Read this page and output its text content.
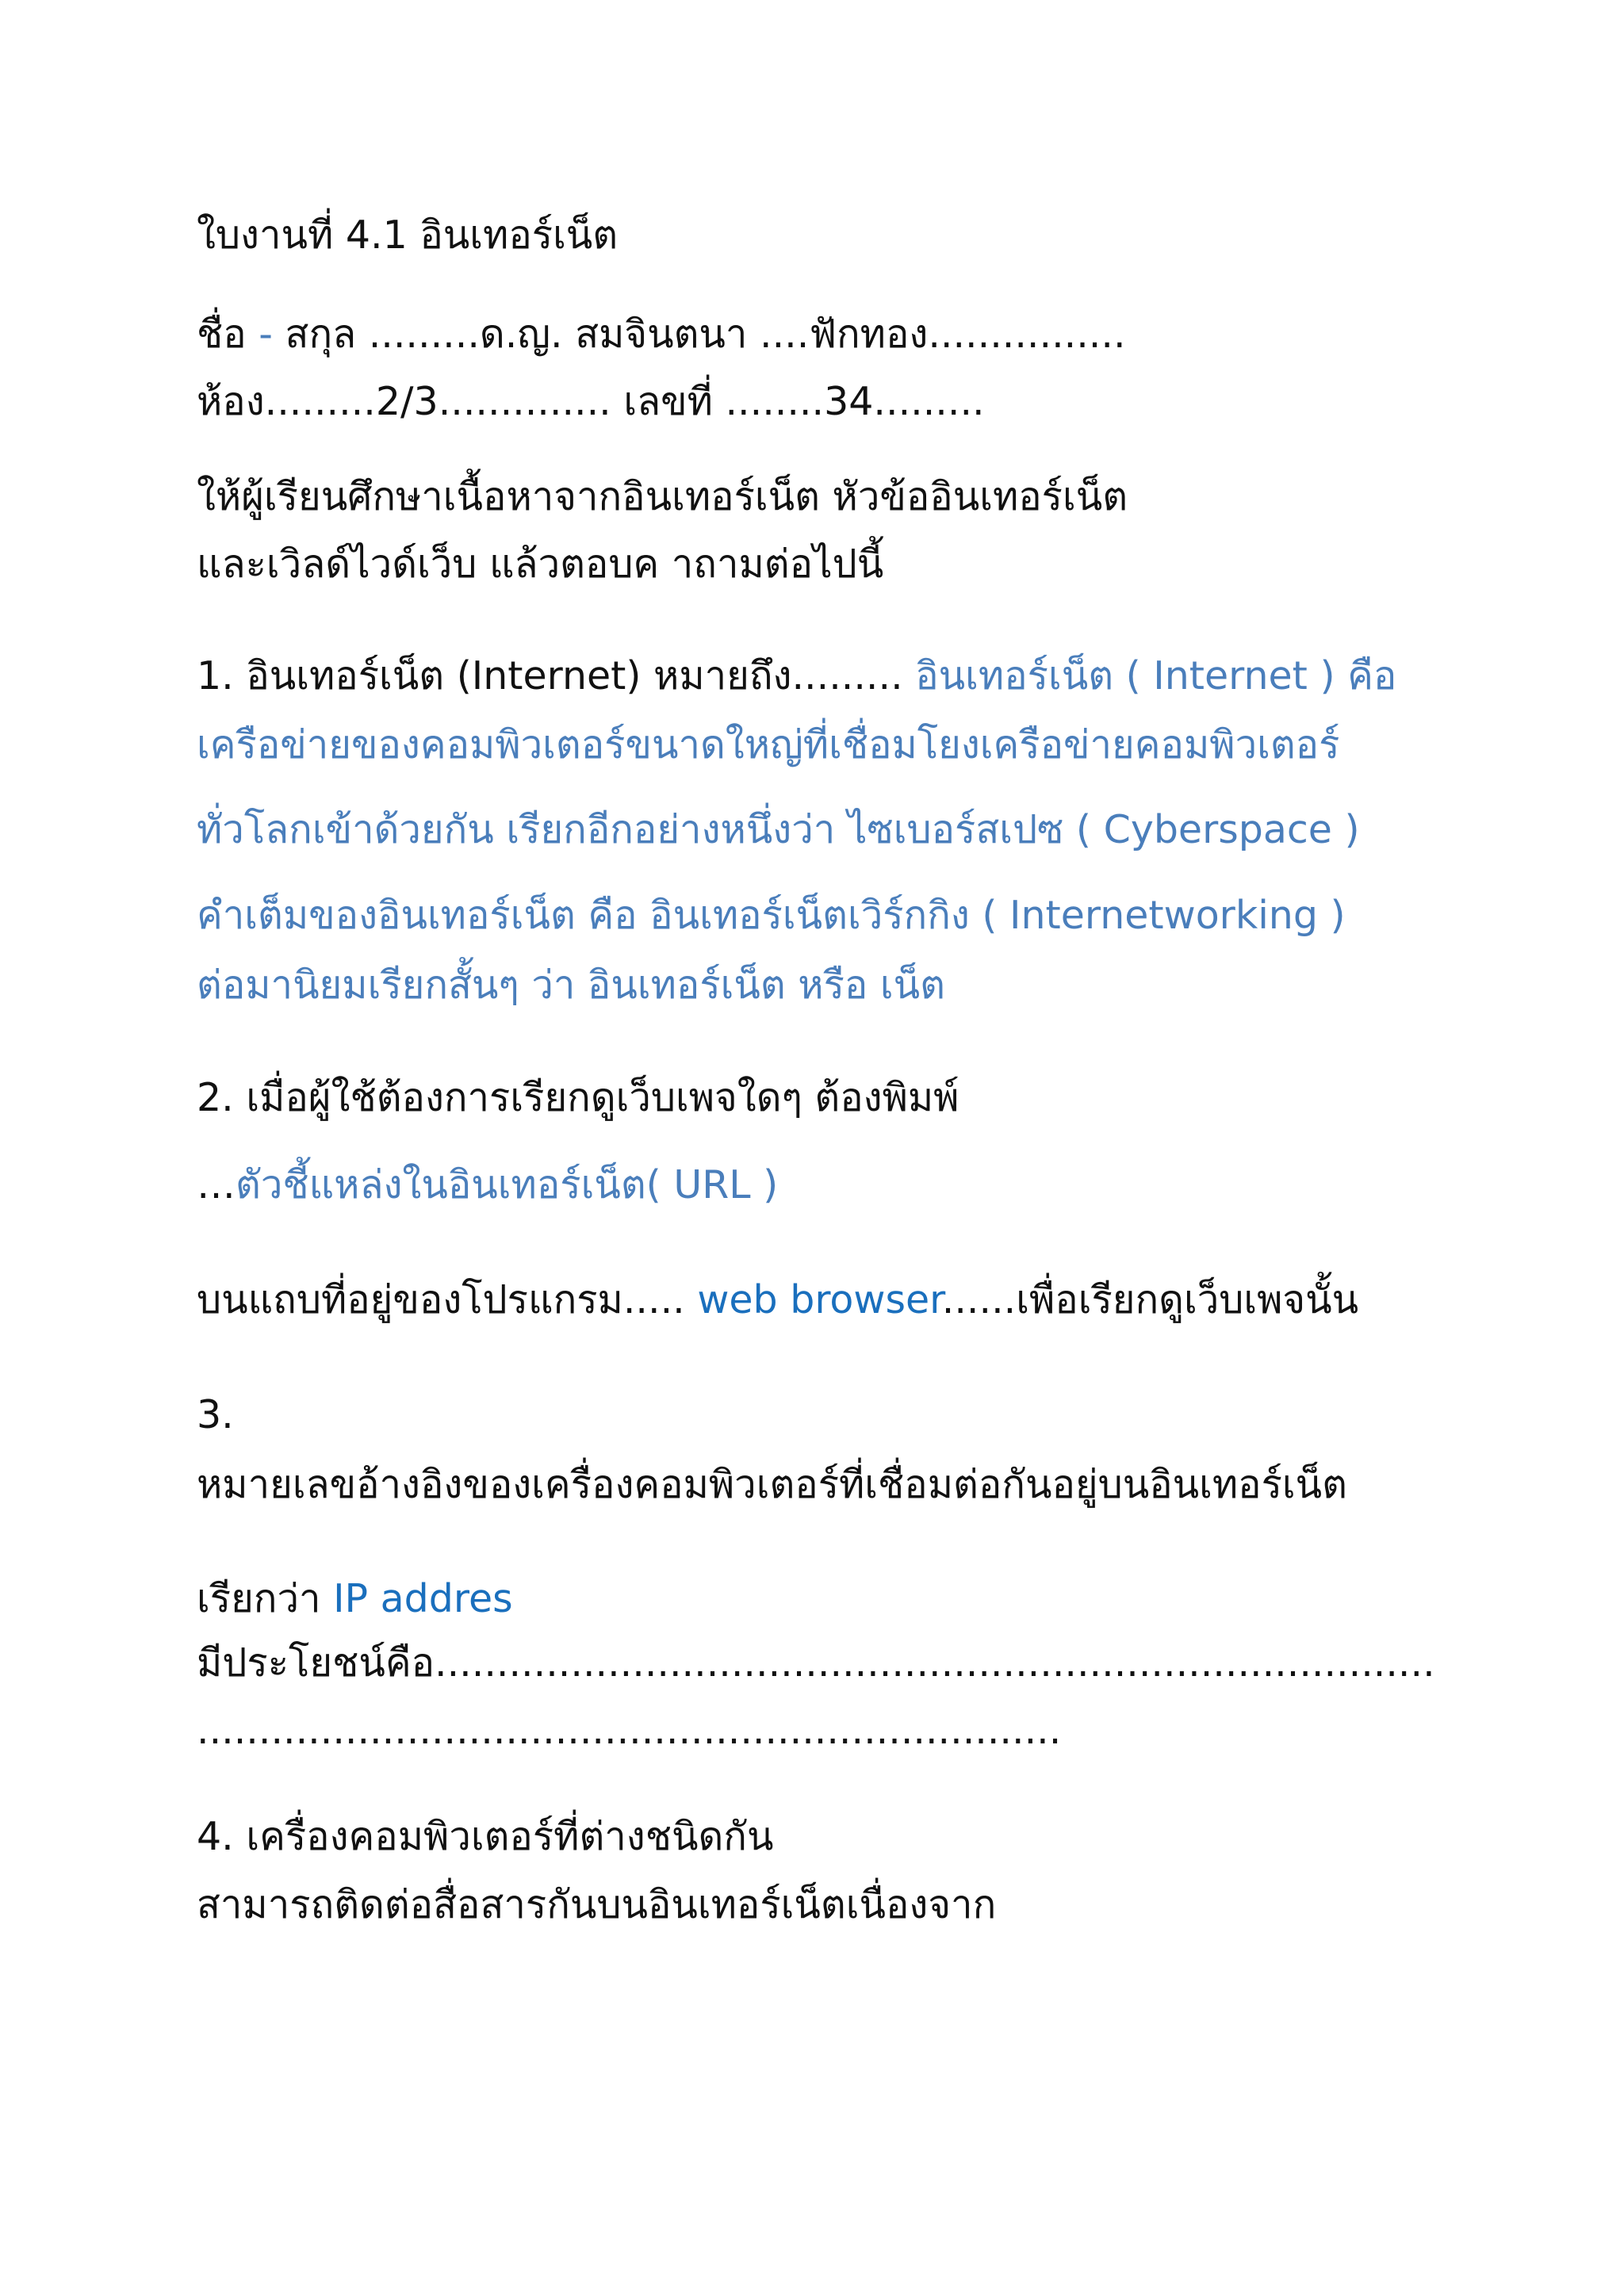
ใบงานที่ 4.1 อินเทอร์เน็ต
ชื่อ - สกุล .........ด.ญ. สมจินตนา ....ฟักทอง................
ห้อง.........2/3.............. เลขที่ ........34.........
ให้ผู้เรียนศึกษาเนื้อหาจากอินเทอร์เน็ต หัวข้ออินเทอร์เน็ต
และเวิลด์ไวด์เว็บ แล้วตอบค าถามต่อไปนี้
1. อินเทอร์เน็ต (Internet) หมายถึง......... อินเทอร์เน็ต ( Internet ) คือ
เครือข่ายของคอมพิวเตอร์ขนาดใหญ่ที่เชื่อมโยงเครือข่ายคอมพิวเตอร์
ทั่วโลกเข้าด้วยกัน เรียกอีกอย่างหนึ่งว่า ไซเบอร์สเปซ ( Cyberspace )
คำเต็มของอินเทอร์เน็ต คือ อินเทอร์เน็ตเวิร์กกิง ( Internetworking )
ต่อมานิยมเรียกสั้นๆ ว่า อินเทอร์เน็ต หรือ เน็ต
2. เมื่อผู้ใช้ต้องการเรียกดูเว็บเพจใดๆ ต้องพิมพ์
…ตัวชี้แหล่งในอินเทอร์เน็ต( URL )
บนแถบที่อยู่ของโปรแกรม..... web browser......เพื่อเรียกดูเว็บเพจนั้น
3.
หมายเลขอ้างอิงของเครื่องคอมพิวเตอร์ที่เชื่อมต่อกันอยู่บนอินเทอร์เน็ต
เรียกว่า IP addres
มีประโยชน์คือ.................................................................................
......................................................................
4. เครื่องคอมพิวเตอร์ที่ต่างชนิดกัน
สามารถติดต่อสื่อสารกันบนอินเทอร์เน็ตเนื่องจาก
